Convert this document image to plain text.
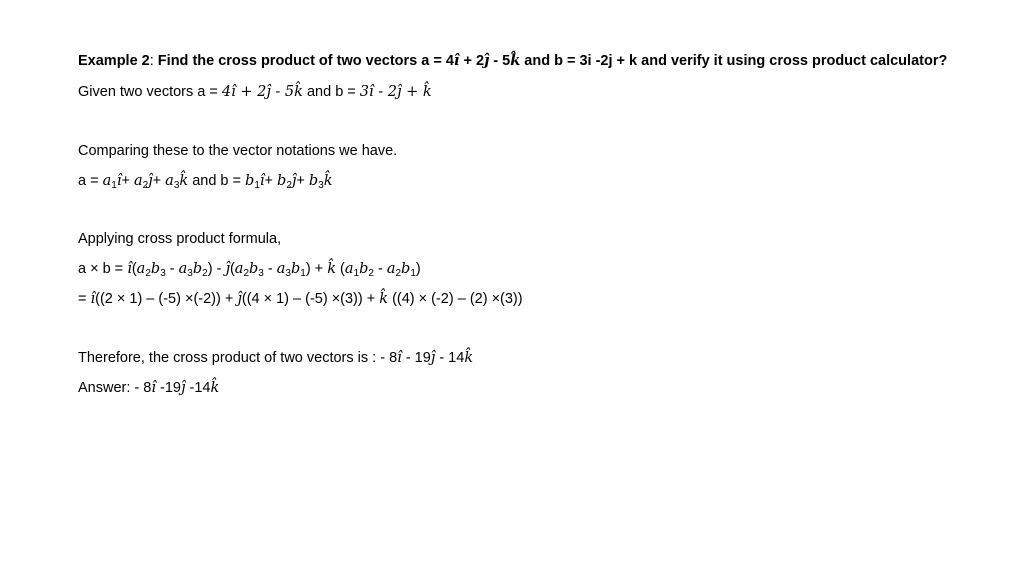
Example 2: Find the cross product of two vectors a = 4î + 2ĵ - 5k̂ and b = 3i -2j + k and verify it using cross product calculator?
Given two vectors a = 4î + 2ĵ - 5k̂ and b = 3î - 2ĵ + k̂
Comparing these to the vector notations we have.
$a = a_1î+$ $a_2ĵ+$ $a_3k̂$ and $b = b_1î+$ $b_2ĵ+$ $b_3k̂$
Applying cross product formula,
$a \times b = î(a_2b_3 - a_3b_2)$ - $ĵ(a_2b_3 - a_3b_1)$ + k̂ $(a_1b_2 - a_2b_1)$
= î((2 × 1) – (-5) ×(-2)) + ĵ((4 × 1) – (-5) ×(3)) + k̂ ((4) × (-2) – (2) ×(3))
Therefore, the cross product of two vectors is : - 8î - 19ĵ - 14k̂
Answer: - 8î -19ĵ -14k̂
